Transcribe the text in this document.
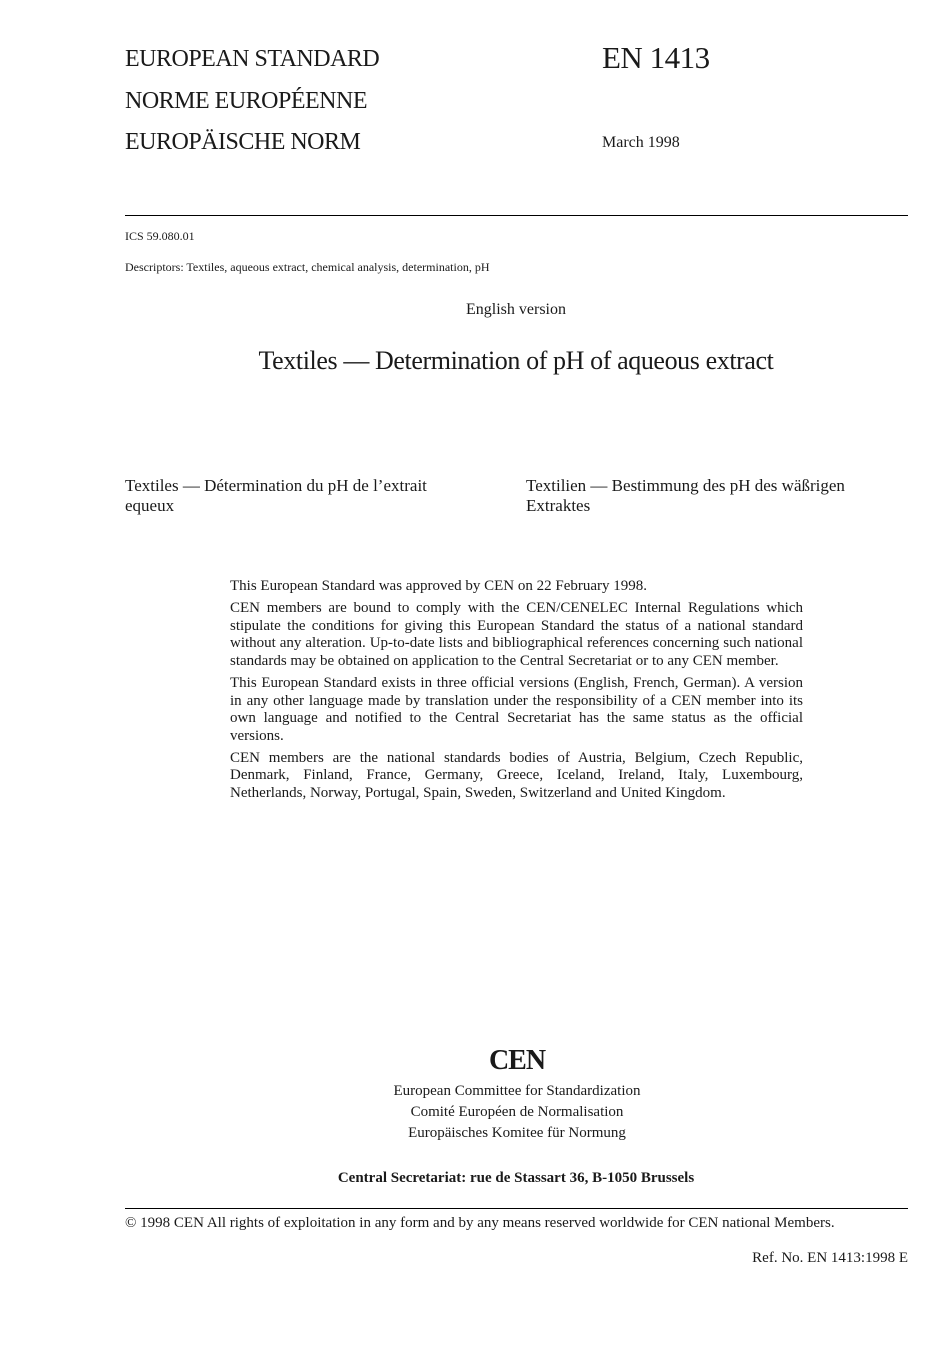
EUROPEAN STANDARD
NORME EUROPÉENNE
EUROPÄISCHE NORM
EN 1413
March 1998
ICS 59.080.01
Descriptors: Textiles, aqueous extract, chemical analysis, determination, pH
English version
Textiles — Determination of pH of aqueous extract
Textiles — Détermination du pH de l’extrait equeux
Textilien — Bestimmung des pH des wäßrigen Extraktes

This European Standard was approved by CEN on 22 February 1998.

CEN members are bound to comply with the CEN/CENELEC Internal Regulations which stipulate the conditions for giving this European Standard the status of a national standard without any alteration. Up-to-date lists and bibliographical references concerning such national standards may be obtained on application to the Central Secretariat or to any CEN member.

This European Standard exists in three official versions (English, French, German). A version in any other language made by translation under the responsibility of a CEN member into its own language and notified to the Central Secretariat has the same status as the official versions.

CEN members are the national standards bodies of Austria, Belgium, Czech Republic, Denmark, Finland, France, Germany, Greece, Iceland, Ireland, Italy, Luxembourg, Netherlands, Norway, Portugal, Spain, Sweden, Switzerland and United Kingdom.

CEN
European Committee for Standardization
Comité Européen de Normalisation
Europäisches Komitee für Normung
Central Secretariat: rue de Stassart 36, B-1050 Brussels
© 1998 CEN All rights of exploitation in any form and by any means reserved worldwide for CEN national Members.
Ref. No. EN 1413:1998 E
